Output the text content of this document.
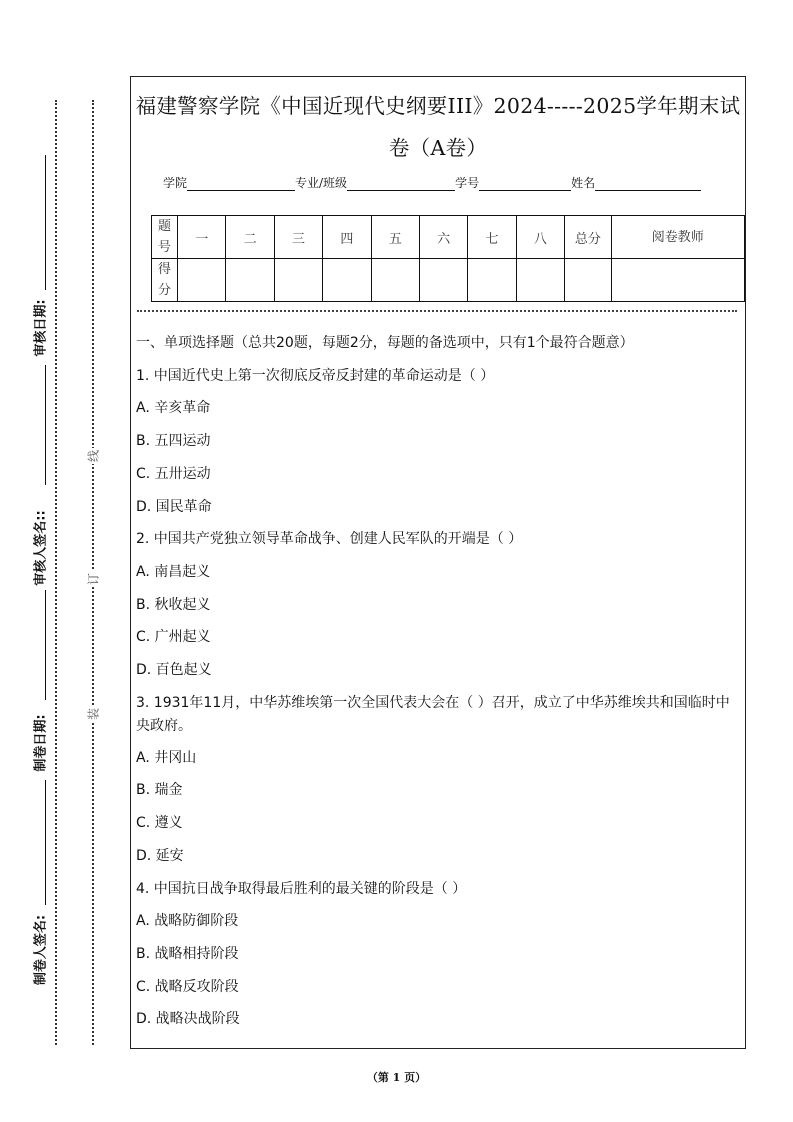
审核日期:
审核人签名::
制卷日期:
制卷人签名:
线
订
装
福建警察学院《中国近现代史纲要III》2024-----2025学年期末试
卷（A卷）
学院	专业/班级	学号	姓名
题号	一	二	三	四	五	六	七	八	总分	阅卷教师
得分										
一、单项选择题（总共20题，每题2分，每题的备选项中，只有1个最符合题意）
1. 中国近代史上第一次彻底反帝反封建的革命运动是（ ）
A. 辛亥革命
B. 五四运动
C. 五卅运动
D. 国民革命
2. 中国共产党独立领导革命战争、创建人民军队的开端是（ ）
A. 南昌起义
B. 秋收起义
C. 广州起义
D. 百色起义
3. 1931年11月，中华苏维埃第一次全国代表大会在（ ）召开，成立了中华苏维埃共和国临时中央政府。
A. 井冈山
B. 瑞金
C. 遵义
D. 延安
4. 中国抗日战争取得最后胜利的最关键的阶段是（ ）
A. 战略防御阶段
B. 战略相持阶段
C. 战略反攻阶段
D. 战略决战阶段
（第 1 页）
